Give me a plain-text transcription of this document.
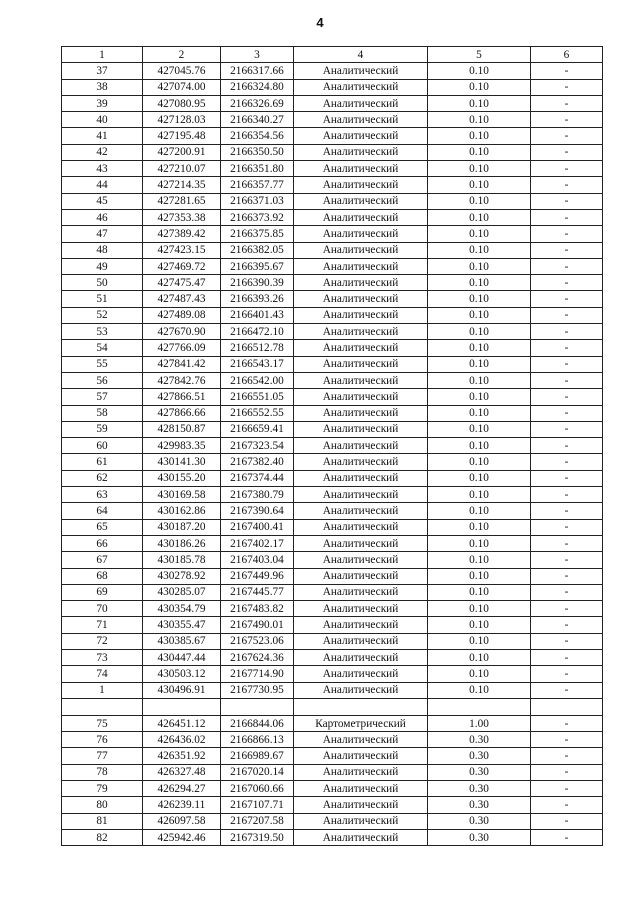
4
1	2	3	4	5	6
37	427045.76	2166317.66	Аналитический	0.10	-
38	427074.00	2166324.80	Аналитический	0.10	-
39	427080.95	2166326.69	Аналитический	0.10	-
40	427128.03	2166340.27	Аналитический	0.10	-
41	427195.48	2166354.56	Аналитический	0.10	-
42	427200.91	2166350.50	Аналитический	0.10	-
43	427210.07	2166351.80	Аналитический	0.10	-
44	427214.35	2166357.77	Аналитический	0.10	-
45	427281.65	2166371.03	Аналитический	0.10	-
46	427353.38	2166373.92	Аналитический	0.10	-
47	427389.42	2166375.85	Аналитический	0.10	-
48	427423.15	2166382.05	Аналитический	0.10	-
49	427469.72	2166395.67	Аналитический	0.10	-
50	427475.47	2166390.39	Аналитический	0.10	-
51	427487.43	2166393.26	Аналитический	0.10	-
52	427489.08	2166401.43	Аналитический	0.10	-
53	427670.90	2166472.10	Аналитический	0.10	-
54	427766.09	2166512.78	Аналитический	0.10	-
55	427841.42	2166543.17	Аналитический	0.10	-
56	427842.76	2166542.00	Аналитический	0.10	-
57	427866.51	2166551.05	Аналитический	0.10	-
58	427866.66	2166552.55	Аналитический	0.10	-
59	428150.87	2166659.41	Аналитический	0.10	-
60	429983.35	2167323.54	Аналитический	0.10	-
61	430141.30	2167382.40	Аналитический	0.10	-
62	430155.20	2167374.44	Аналитический	0.10	-
63	430169.58	2167380.79	Аналитический	0.10	-
64	430162.86	2167390.64	Аналитический	0.10	-
65	430187.20	2167400.41	Аналитический	0.10	-
66	430186.26	2167402.17	Аналитический	0.10	-
67	430185.78	2167403.04	Аналитический	0.10	-
68	430278.92	2167449.96	Аналитический	0.10	-
69	430285.07	2167445.77	Аналитический	0.10	-
70	430354.79	2167483.82	Аналитический	0.10	-
71	430355.47	2167490.01	Аналитический	0.10	-
72	430385.67	2167523.06	Аналитический	0.10	-
73	430447.44	2167624.36	Аналитический	0.10	-
74	430503.12	2167714.90	Аналитический	0.10	-
1	430496.91	2167730.95	Аналитический	0.10	-

75	426451.12	2166844.06	Картометрический	1.00	-
76	426436.02	2166866.13	Аналитический	0.30	-
77	426351.92	2166989.67	Аналитический	0.30	-
78	426327.48	2167020.14	Аналитический	0.30	-
79	426294.27	2167060.66	Аналитический	0.30	-
80	426239.11	2167107.71	Аналитический	0.30	-
81	426097.58	2167207.58	Аналитический	0.30	-
82	425942.46	2167319.50	Аналитический	0.30	-
